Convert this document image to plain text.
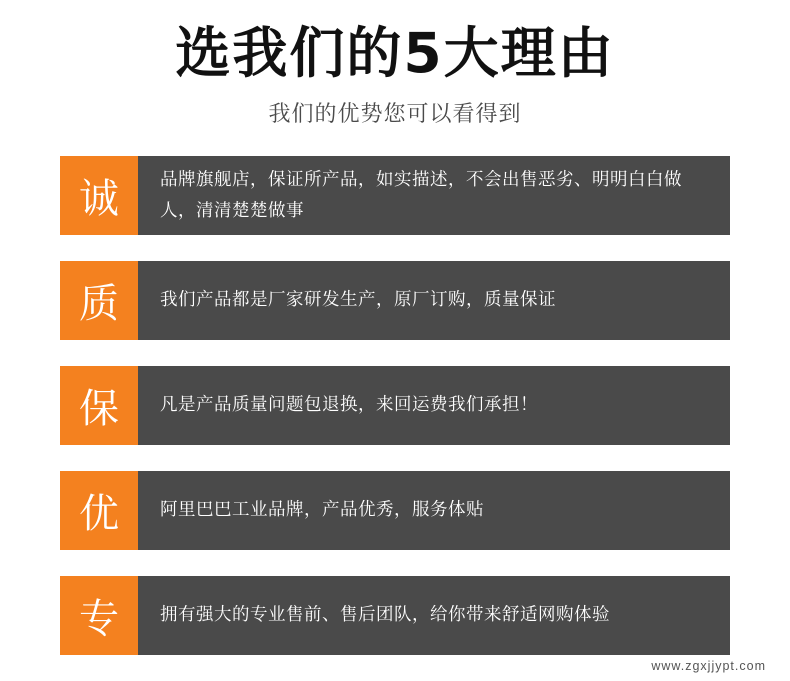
选我们的5大理由
我们的优势您可以看得到
诚	品牌旗舰店，保证所产品，如实描述，不会出售恶劣、明明白白做人，清清楚楚做事
质	我们产品都是厂家研发生产，原厂订购，质量保证
保	凡是产品质量问题包退换，来回运费我们承担！
优	阿里巴巴工业品牌，产品优秀，服务体贴
专	拥有强大的专业售前、售后团队，给你带来舒适网购体验
www.zgxjjypt.com
